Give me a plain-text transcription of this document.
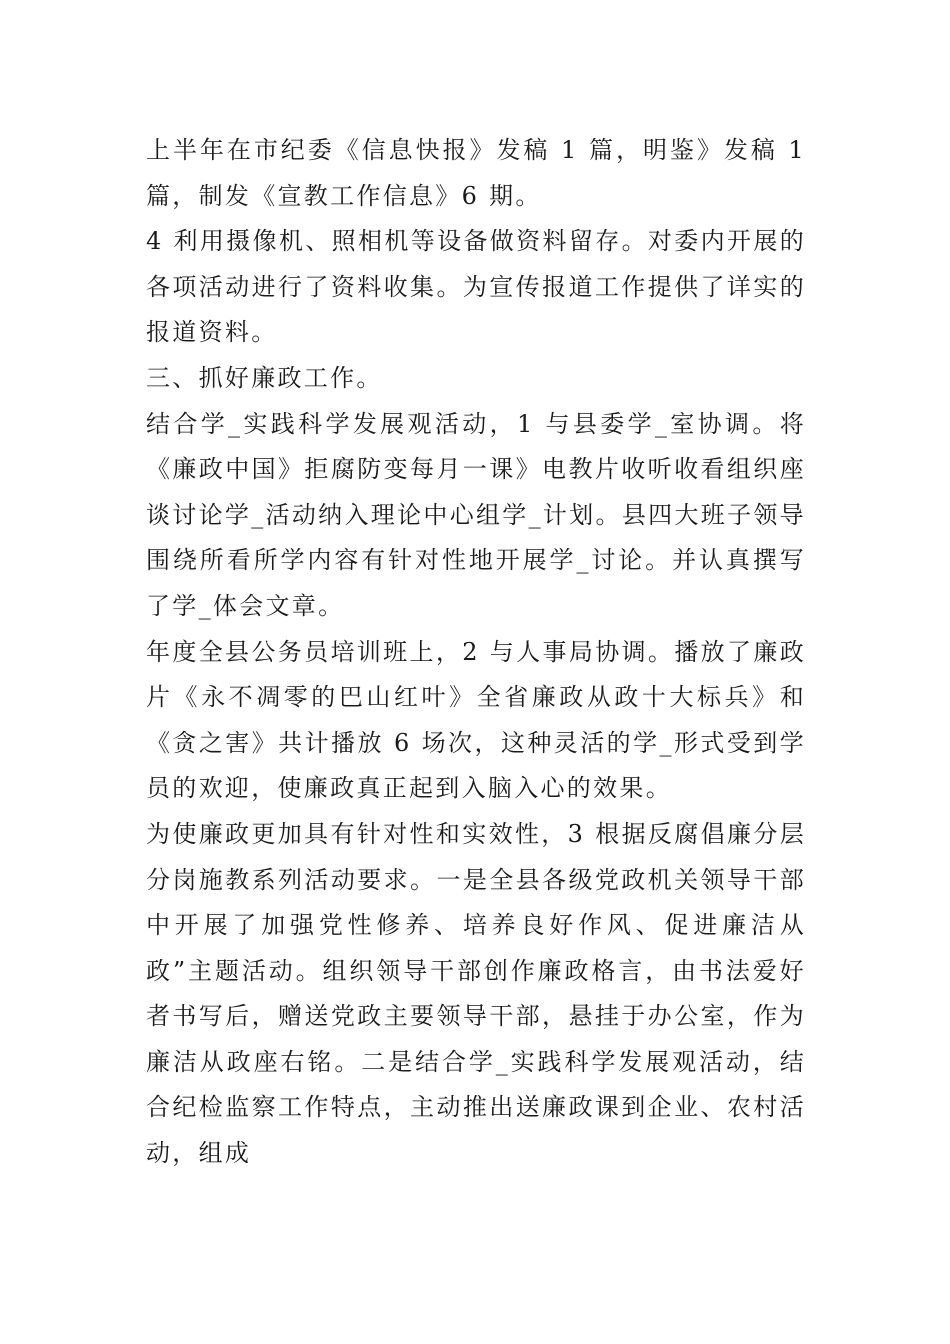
上半年在市纪委《信息快报》发稿 1 篇，明鉴》发稿 1 篇，制发《宣教工作信息》6 期。

4 利用摄像机、照相机等设备做资料留存。对委内开展的各项活动进行了资料收集。为宣传报道工作提供了详实的报道资料。

三、抓好廉政工作。

结合学_实践科学发展观活动，1 与县委学_室协调。将《廉政中国》拒腐防变每月一课》电教片收听收看组织座谈讨论学_活动纳入理论中心组学_计划。县四大班子领导围绕所看所学内容有针对性地开展学_讨论。并认真撰写了学_体会文章。

年度全县公务员培训班上，2 与人事局协调。播放了廉政片《永不凋零的巴山红叶》全省廉政从政十大标兵》和《贪之害》共计播放 6 场次，这种灵活的学_形式受到学员的欢迎，使廉政真正起到入脑入心的效果。

为使廉政更加具有针对性和实效性，3 根据反腐倡廉分层分岗施教系列活动要求。一是全县各级党政机关领导干部中开展了加强党性修养、培养良好作风、促进廉洁从政”主题活动。组织领导干部创作廉政格言，由书法爱好者书写后，赠送党政主要领导干部，悬挂于办公室，作为廉洁从政座右铭。二是结合学_实践科学发展观活动，结合纪检监察工作特点，主动推出送廉政课到企业、农村活动，组成
